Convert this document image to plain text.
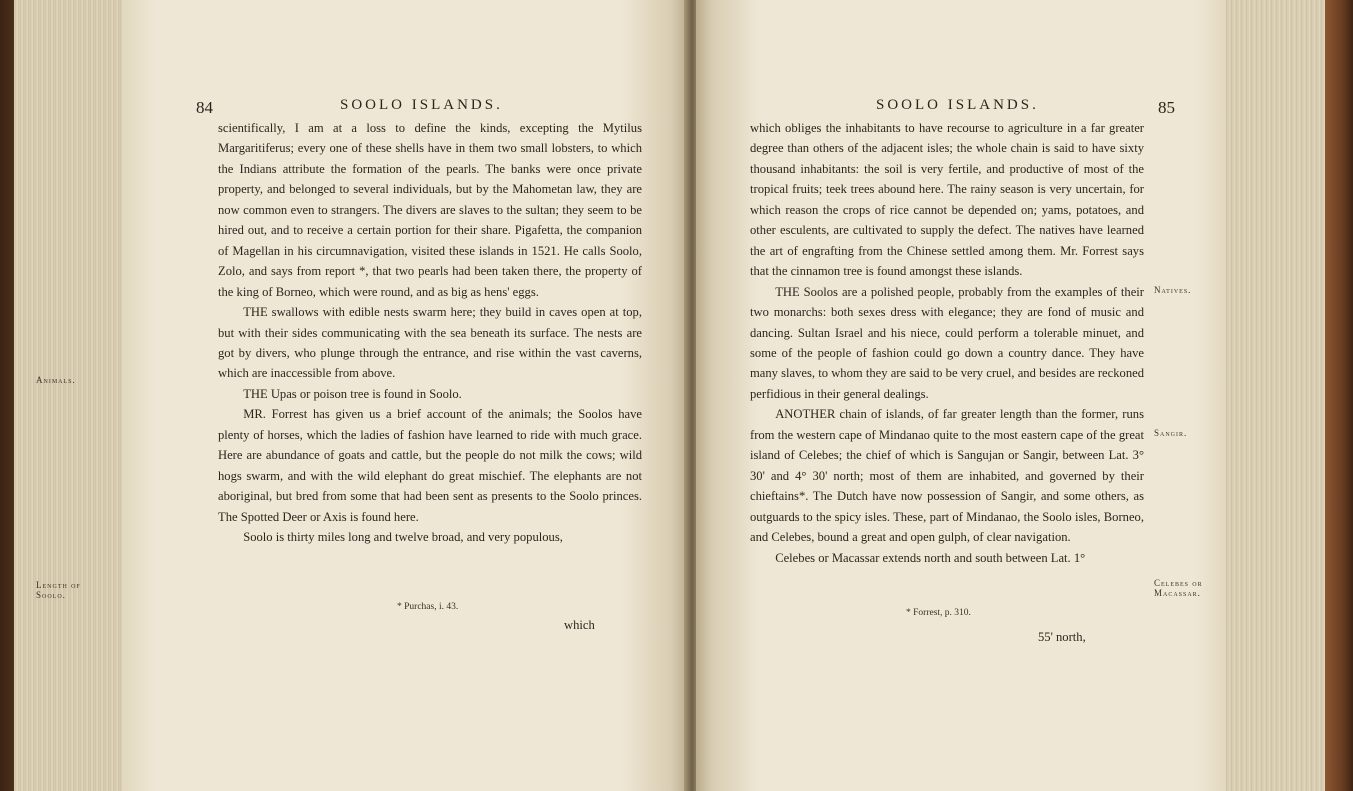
84	SOOLO ISLANDS.
Animals.
Length of Soolo.

scientifically, I am at a loss to define the kinds, excepting the Mytilus Margaritiferus; every one of these shells have in them two small lobsters, to which the Indians attribute the formation of the pearls. The banks were once private property, and belonged to several individuals, but by the Mahometan law, they are now common even to strangers. The divers are slaves to the sultan; they seem to be hired out, and to receive a certain portion for their share. Pigafetta, the companion of Magellan in his circumnavigation, visited these islands in 1521. He calls Soolo, Zolo, and says from report *, that two pearls had been taken there, the property of the king of Borneo, which were round, and as big as hens' eggs.

THE swallows with edible nests swarm here; they build in caves open at top, but with their sides communicating with the sea beneath its surface. The nests are got by divers, who plunge through the entrance, and rise within the vast caverns, which are inaccessible from above.

THE Upas or poison tree is found in Soolo.

MR. Forrest has given us a brief account of the animals; the Soolos have plenty of horses, which the ladies of fashion have learned to ride with much grace. Here are abundance of goats and cattle, but the people do not milk the cows; wild hogs swarm, and with the wild elephant do great mischief. The elephants are not aboriginal, but bred from some that had been sent as presents to the Soolo princes. The Spotted Deer or Axis is found here.

Soolo is thirty miles long and twelve broad, and very populous,

* Purchas, i. 43.
which
SOOLO ISLANDS.	85

which obliges the inhabitants to have recourse to agriculture in a far greater degree than others of the adjacent isles; the whole chain is said to have sixty thousand inhabitants: the soil is very fertile, and productive of most of the tropical fruits; teek trees abound here. The rainy season is very uncertain, for which reason the crops of rice cannot be depended on; yams, potatoes, and other esculents, are cultivated to supply the defect. The natives have learned the art of engrafting from the Chinese settled among them. Mr. Forrest says that the cinnamon tree is found amongst these islands.

THE Soolos are a polished people, probably from the examples of their two monarchs: both sexes dress with elegance; they are fond of music and dancing. Sultan Israel and his niece, could perform a tolerable minuet, and some of the people of fashion could go down a country dance. They have many slaves, to whom they are said to be very cruel, and besides are reckoned perfidious in their general dealings.

ANOTHER chain of islands, of far greater length than the former, runs from the western cape of Mindanao quite to the most eastern cape of the great island of Celebes; the chief of which is Sangujan or Sangir, between Lat. 3° 30' and 4° 30' north; most of them are inhabited, and governed by their chieftains*. The Dutch have now possession of Sangir, and some others, as outguards to the spicy isles. These, part of Mindanao, the Soolo isles, Borneo, and Celebes, bound a great and open gulph, of clear navigation.

Celebes or Macassar extends north and south between Lat. 1°

Natives.
Sangir.
Celebes or Macassar.
* Forrest, p. 310.
55' north,
